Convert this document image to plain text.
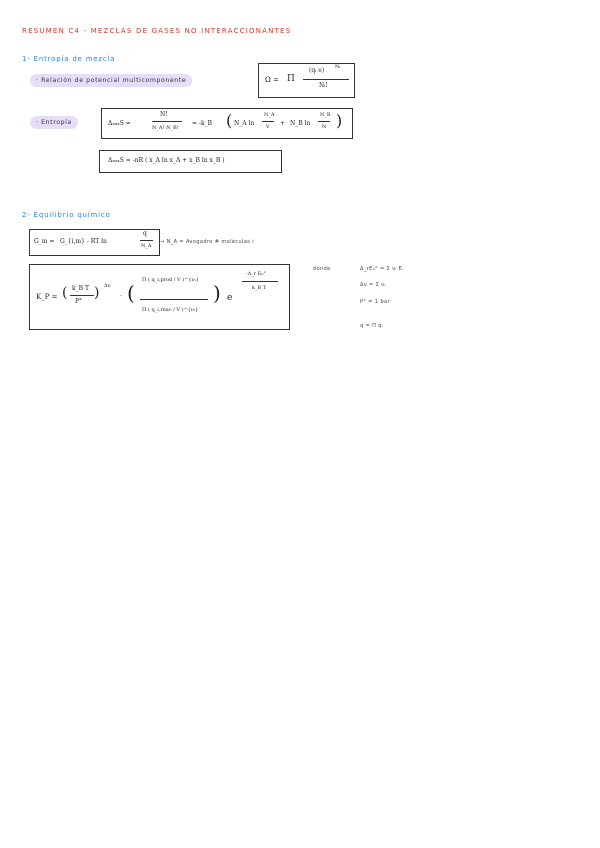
RESUMEN C4 - MEZCLAS DE GASES NO INTERACCIONANTES
1- Entropía de mezcla
· Relación de potencial multicomponente	Ω = Π
(qᵢ e) Nᵢ
Nᵢ!
· Entropía	ΔₘᵢₓS =
N!
N_A! N_B!
= -k_B ( N_A ln
N_A
V + N_B ln
N_B
N )
ΔₘᵢₓS = -nR ( x_A ln x_A + x_B ln x_B )
2- Equilibrio químico
G_m = G_{i,m} - RT ln
q
N_A
→ N_A = Avogadro # moléculas i
K_P = ( k_B T
P°
) Δν
· (
Π ( q_i,prod / V )^{νᵢ}
Π ( q_i,reac / V )^{νᵢ}
) e
-Δ_r E₀°
k_B T
donde	Δ_rE₀° = Σ νᵢ Eᵢ
Δν = Σ νᵢ
P° = 1 bar
q = Π qᵢ
